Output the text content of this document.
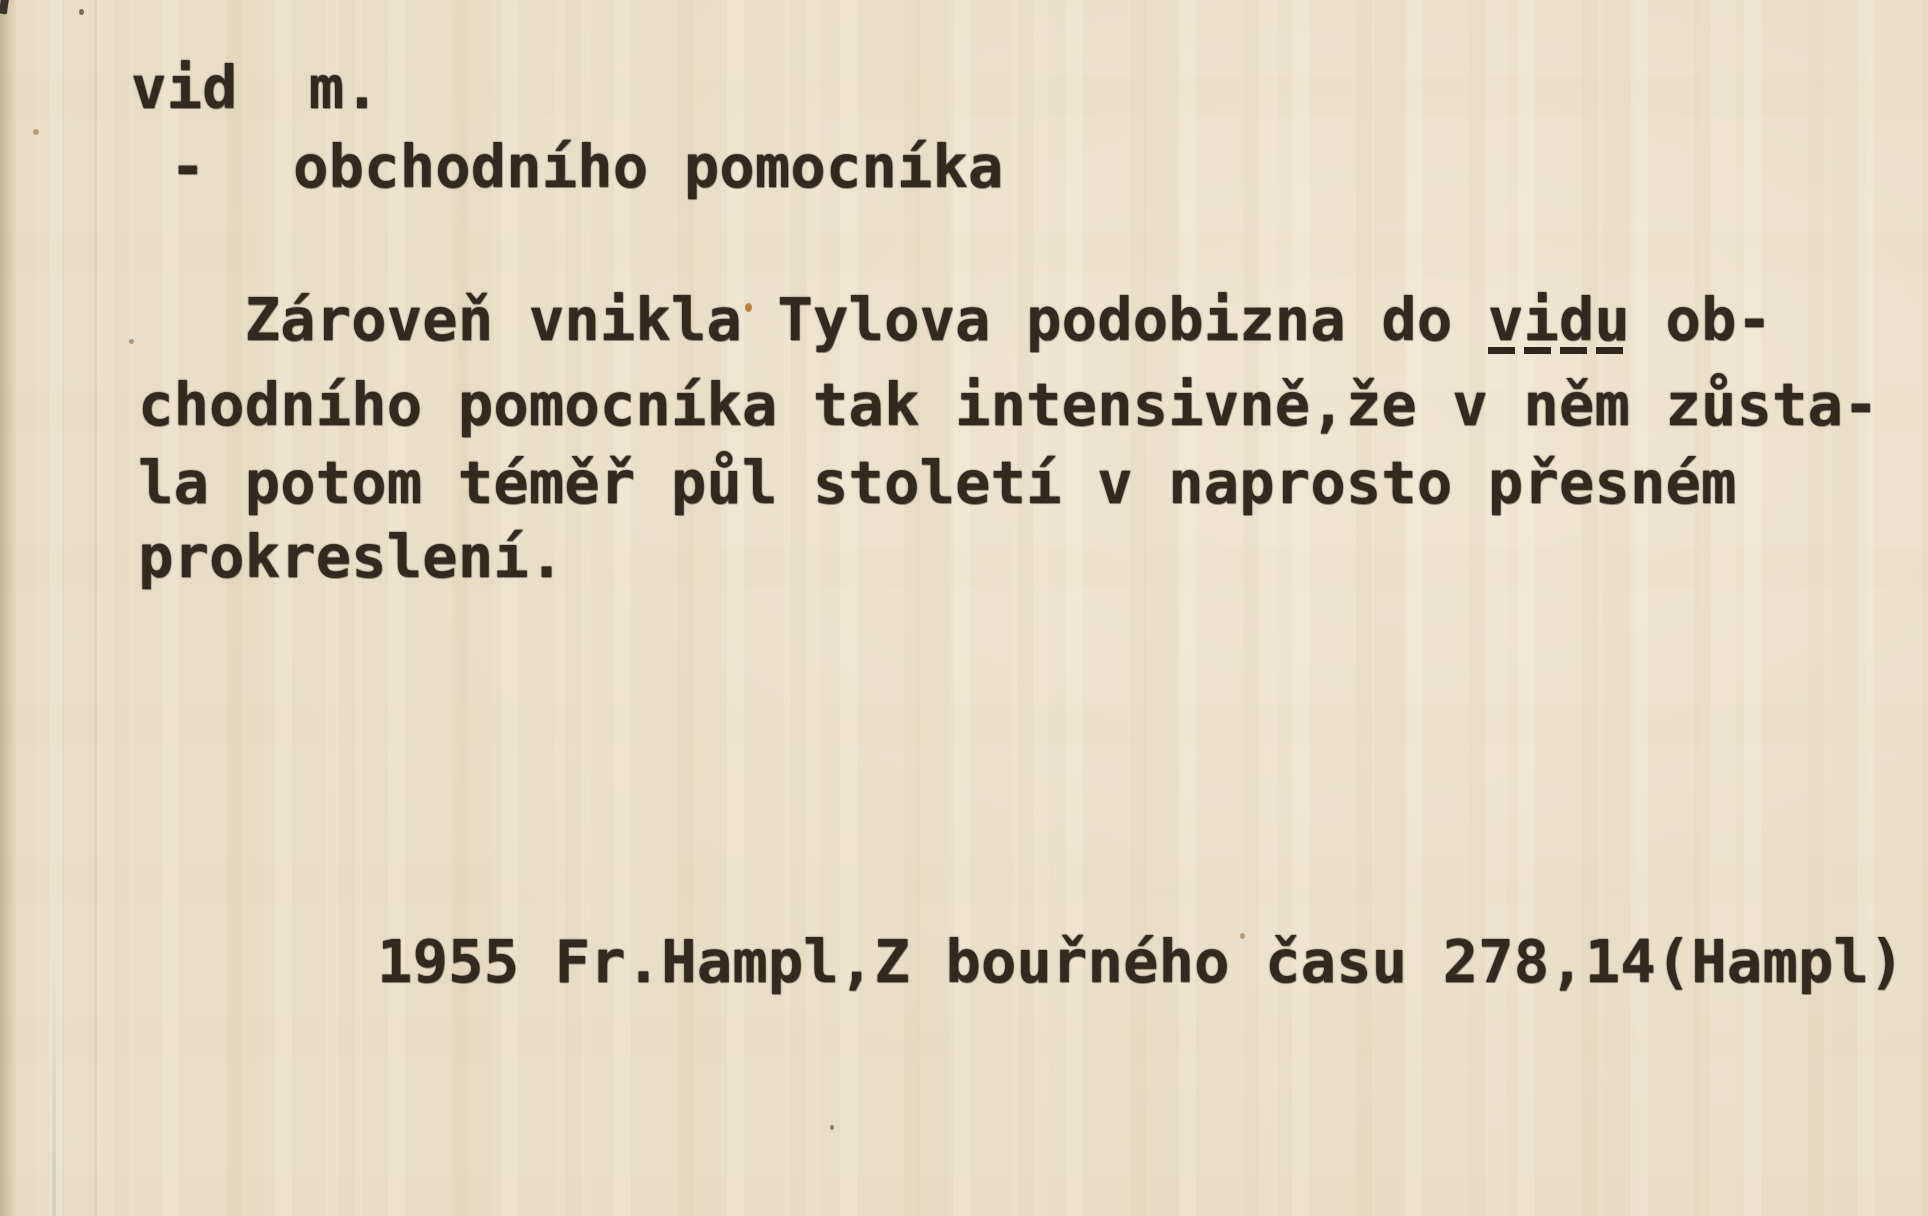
vid  m.
- obchodního pomocníka
Zároveň vnikla Tylova podobizna do vidu ob-
chodního pomocníka tak intensivně,že v něm zůsta-
la potom téměř půl století v naprosto přesném
prokreslení.
1955 Fr.Hampl,Z bouřného času 278,14(Hampl)
